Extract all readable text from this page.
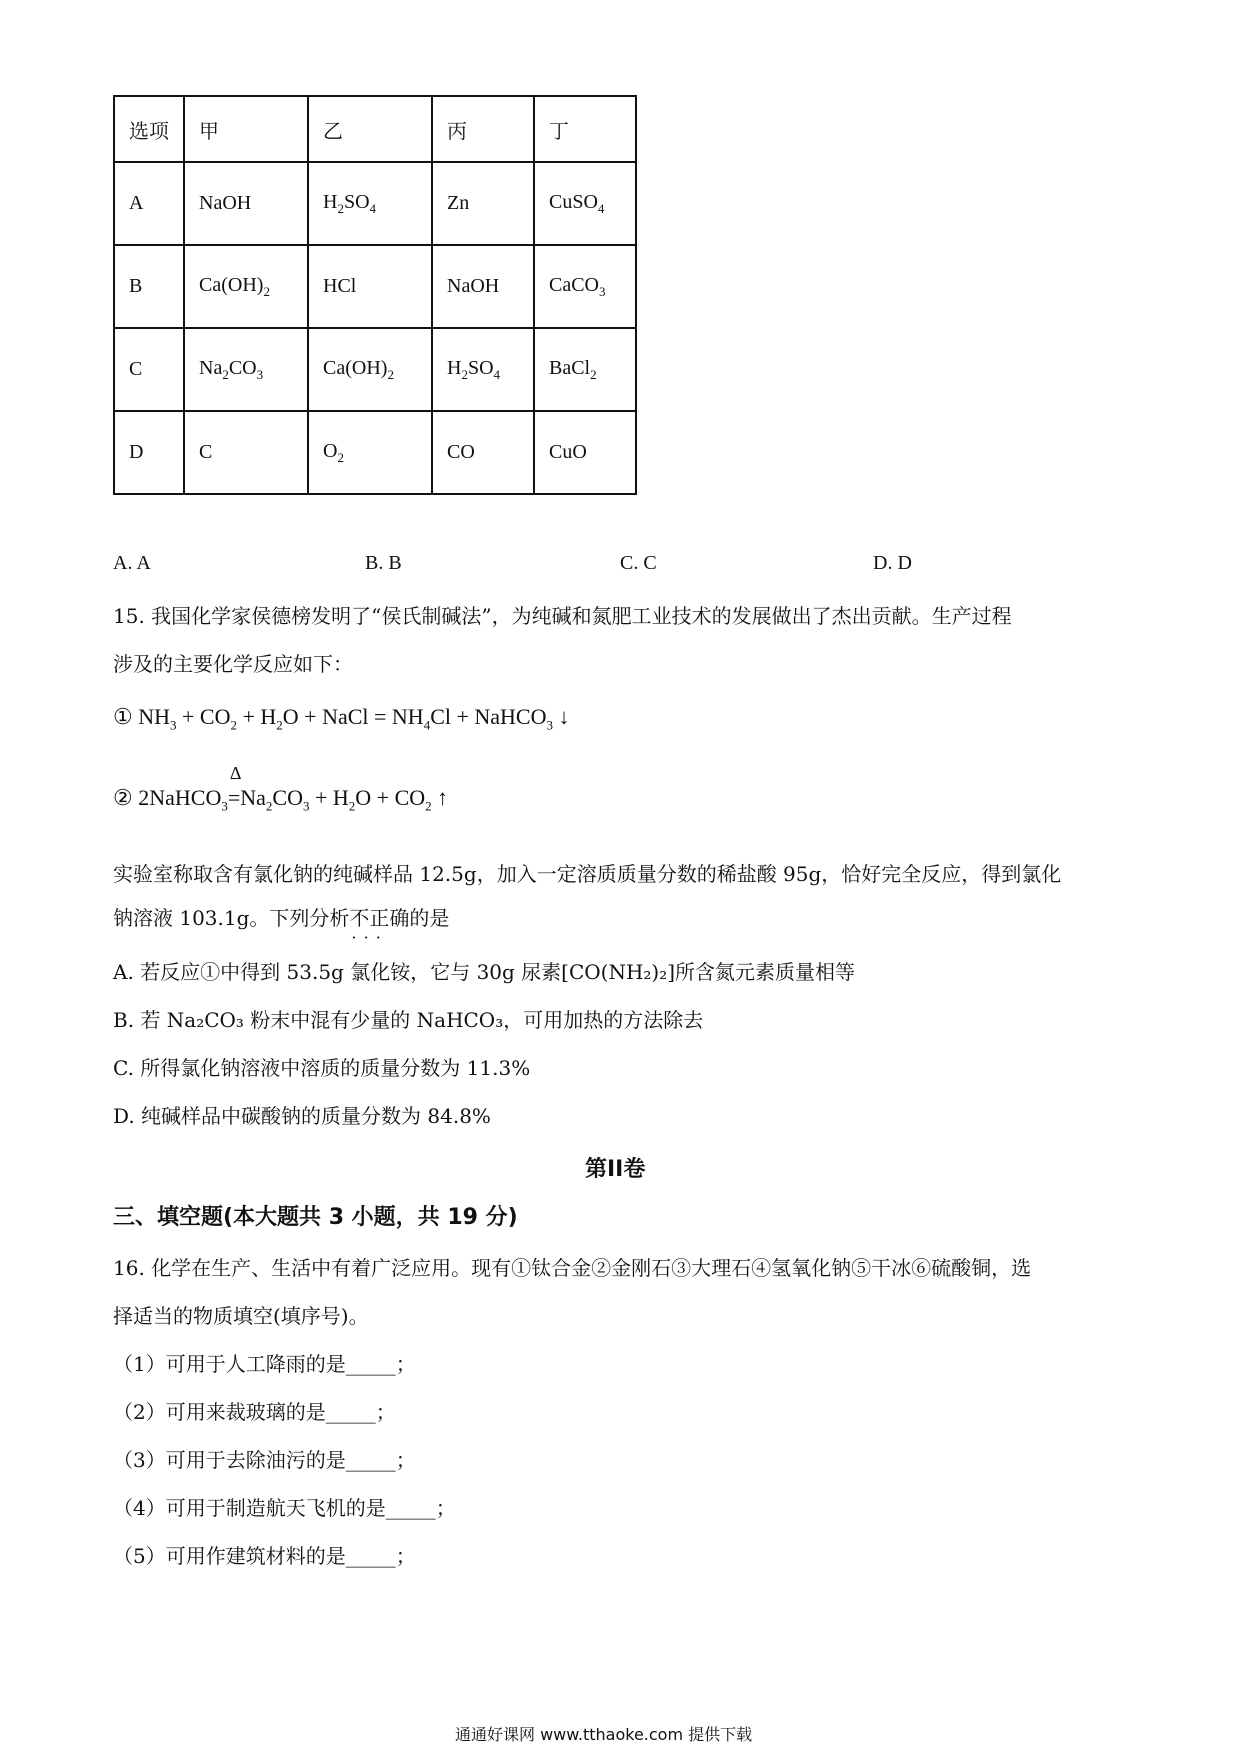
选项	甲	乙	丙	丁
A	NaOH	$H_2SO_4$	Zn	CuSO$_4$
B	$Ca(OH)_2$	HCl	NaOH	CaCO$_3$
C	$Na_2CO_3$	$Ca(OH)_2$	$H_2SO_4$	BaCl$_2$
D	C	$O_2$	CO	CuO
A. A	B. B	C. C	D. D
15. 我国化学家侯德榜发明了“侯氏制碱法”，为纯碱和氮肥工业技术的发展做出了杰出贡献。生产过程
涉及的主要化学反应如下：
① $NH_3 + CO_2 + H_2O$ + NaCl = $NH_4Cl$ + NaHCO$_3$ ↓
② 2NaHCO$_3$
Δ
$=Na_2CO_3 + H_2O + CO_2$ ↑
实验室称取含有氯化钠的纯碱样品 12.5g，加入一定溶质质量分数的稀盐酸 95g，恰好完全反应，得到氯化
钠溶液 103.1g。下列分析不正确 · · ·的是
A. 若反应①中得到 53.5g 氯化铵，它与 30g 尿素[CO(NH₂)₂]所含氮元素质量相等
B. 若 Na₂CO₃ 粉末中混有少量的 NaHCO₃，可用加热的方法除去
C. 所得氯化钠溶液中溶质的质量分数为 11.3%
D. 纯碱样品中碳酸钠的质量分数为 84.8%
第II卷
三、填空题(本大题共 3 小题，共 19 分)
16. 化学在生产、生活中有着广泛应用。现有①钛合金②金刚石③大理石④氢氧化钠⑤干冰⑥硫酸铜，选
择适当的物质填空(填序号)。
（1）可用于人工降雨的是_____；
（2）可用来裁玻璃的是_____；
（3）可用于去除油污的是_____；
（4）可用于制造航天飞机的是_____；
（5）可用作建筑材料的是_____；
通通好课网 www.tthaoke.com 提供下载
